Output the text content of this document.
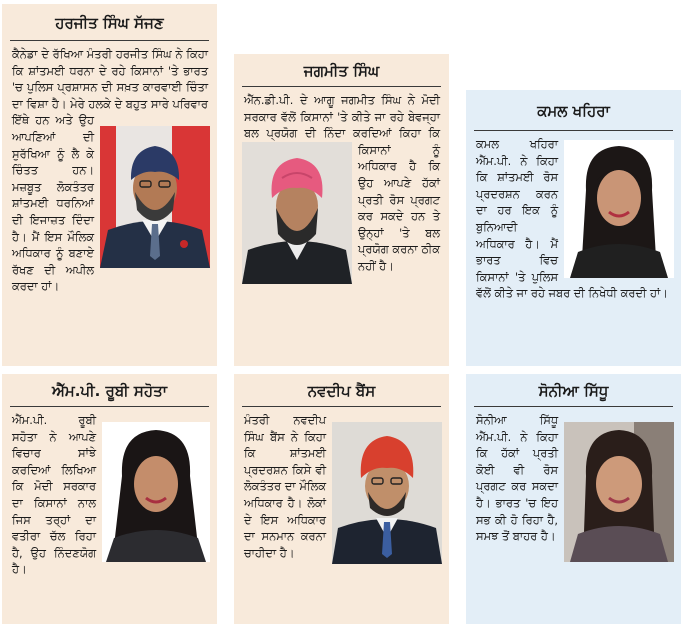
ਹਰਜੀਤ ਸਿੰਘ ਸੱਜਣ
ਕੈਨੇਡਾ ਦੇ ਰੱਖਿਆ ਮੰਤਰੀ ਹਰਜੀਤ ਸਿੰਘ ਨੇ ਕਿਹਾ ਕਿ ਸ਼ਾਂਤਮਈ ਧਰਨਾ ਦੇ ਰਹੇ ਕਿਸਾਨਾਂ 'ਤੇ ਭਾਰਤ 'ਚ ਪੁਲਿਸ ਪ੍ਰਸ਼ਾਸਨ ਦੀ ਸਖ਼ਤ ਕਾਰਵਾਈ ਚਿੰਤਾ ਦਾ ਵਿਸ਼ਾ ਹੈ। ਮੇਰੇ ਹਲਕੇ ਦੇ ਬਹੁਤ ਸਾਰੇ ਪਰਿਵਾਰ ਇੱਥੇ ਹਨ ਅਤੇ ਉਹ ਆਪਣਿਆਂ ਦੀ ਸੁਰੱਖਿਆ ਨੂੰ ਲੈ ਕੇ ਚਿੰਤਤ ਹਨ। ਮਜ਼ਬੂਤ ਲੋਕਤੰਤਰ ਸ਼ਾਂਤਮਈ ਧਰਨਿਆਂ ਦੀ ਇਜਾਜ਼ਤ ਦਿੰਦਾ ਹੈ। ਮੈਂ ਇਸ ਮੌਲਿਕ ਅਧਿਕਾਰ ਨੂੰ ਬਣਾਏ ਰੱਖਣ ਦੀ ਅਪੀਲ ਕਰਦਾ ਹਾਂ।
ਜਗਮੀਤ ਸਿੰਘ
ਐੱਨ.ਡੀ.ਪੀ. ਦੇ ਆਗੂ ਜਗਮੀਤ ਸਿੰਘ ਨੇ ਮੋਦੀ ਸਰਕਾਰ ਵੱਲੋਂ ਕਿਸਾਨਾਂ 'ਤੇ ਕੀਤੇ ਜਾ ਰਹੇ ਬੇਵਜ੍ਹਾ ਬਲ ਪ੍ਰਯੋਗ ਦੀ ਨਿੰਦਾ ਕਰਦਿਆਂ ਕਿਹਾ ਕਿ ਕਿਸਾਨਾਂ ਨੂੰ ਅਧਿਕਾਰ ਹੈ ਕਿ ਉਹ ਆਪਣੇ ਹੱਕਾਂ ਪ੍ਰਤੀ ਰੋਸ ਪ੍ਰਗਟ ਕਰ ਸਕਦੇ ਹਨ ਤੇ ਉਨ੍ਹਾਂ 'ਤੇ ਬਲ ਪ੍ਰਯੋਗ ਕਰਨਾ ਠੀਕ ਨਹੀਂ ਹੈ।
ਕਮਲ ਖਹਿਰਾ
ਕਮਲ ਖਹਿਰਾ ਐੱਮ.ਪੀ. ਨੇ ਕਿਹਾ ਕਿ ਸ਼ਾਂਤਮਈ ਰੋਸ ਪ੍ਰਦਰਸ਼ਨ ਕਰਨ ਦਾ ਹਰ ਇਕ ਨੂੰ ਬੁਨਿਆਦੀ ਅਧਿਕਾਰ ਹੈ। ਮੈਂ ਭਾਰਤ ਵਿਚ ਕਿਸਾਨਾਂ 'ਤੇ ਪੁਲਿਸ ਵੱਲੋਂ ਕੀਤੇ ਜਾ ਰਹੇ ਜਬਰ ਦੀ ਨਿਖੇਧੀ ਕਰਦੀ ਹਾਂ।
ਐੱਮ.ਪੀ. ਰੂਬੀ ਸਹੋਤਾ
ਐੱਮ.ਪੀ. ਰੂਬੀ ਸਹੋਤਾ ਨੇ ਆਪਣੇ ਵਿਚਾਰ ਸਾਂਝੇ ਕਰਦਿਆਂ ਲਿਖਿਆ ਕਿ ਮੋਦੀ ਸਰਕਾਰ ਦਾ ਕਿਸਾਨਾਂ ਨਾਲ ਜਿਸ ਤਰ੍ਹਾਂ ਦਾ ਵਤੀਰਾ ਚੱਲ ਰਿਹਾ ਹੈ, ਉਹ ਨਿੰਦਣਯੋਗ ਹੈ।
ਨਵਦੀਪ ਬੈਂਸ
ਮੰਤਰੀ ਨਵਦੀਪ ਸਿੰਘ ਬੈਂਸ ਨੇ ਕਿਹਾ ਕਿ ਸ਼ਾਂਤਮਈ ਪ੍ਰਦਰਸ਼ਨ ਕਿਸੇ ਵੀ ਲੋਕਤੰਤਰ ਦਾ ਮੌਲਿਕ ਅਧਿਕਾਰ ਹੈ। ਲੋਕਾਂ ਦੇ ਇਸ ਅਧਿਕਾਰ ਦਾ ਸਨਮਾਨ ਕਰਨਾ ਚਾਹੀਦਾ ਹੈ।
ਸੋਨੀਆ ਸਿੱਧੂ
ਸੋਨੀਆ ਸਿੱਧੂ ਐੱਮ.ਪੀ. ਨੇ ਕਿਹਾ ਕਿ ਹੱਕਾਂ ਪ੍ਰਤੀ ਕੋਈ ਵੀ ਰੋਸ ਪ੍ਰਗਟ ਕਰ ਸਕਦਾ ਹੈ। ਭਾਰਤ 'ਚ ਇਹ ਸਭ ਕੀ ਹੋ ਰਿਹਾ ਹੈ, ਸਮਝ ਤੋਂ ਬਾਹਰ ਹੈ।
